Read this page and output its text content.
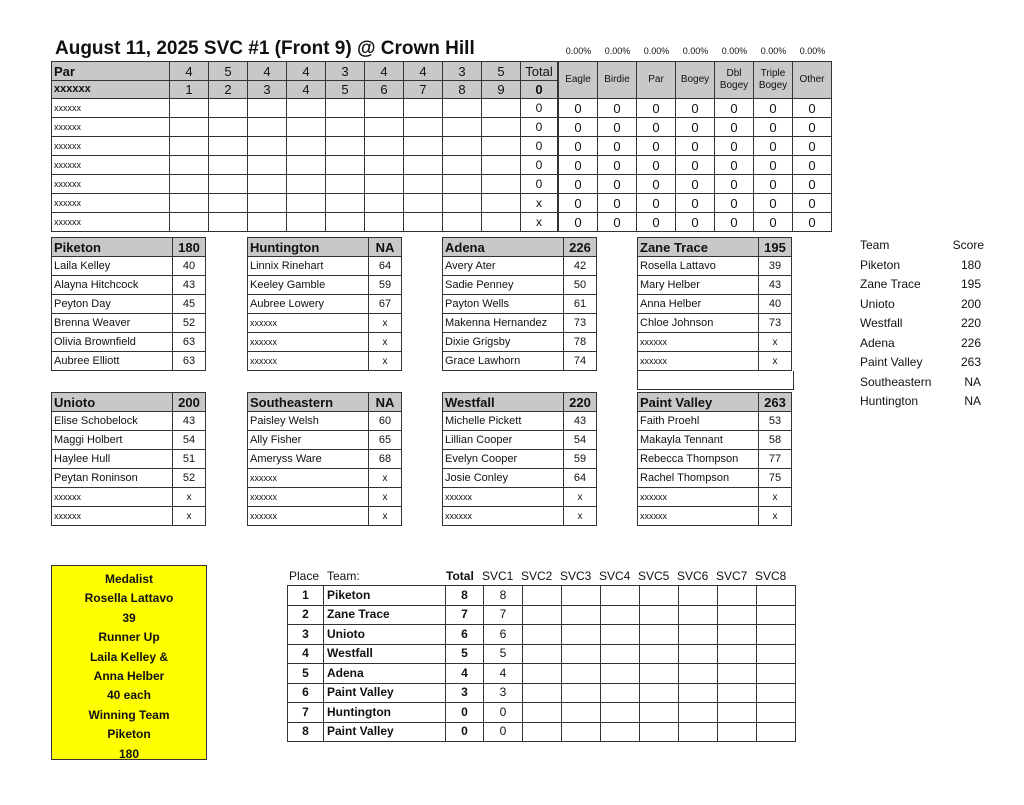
August 11, 2025 SVC #1 (Front 9) @ Crown Hill	0.00%	0.00%	0.00%	0.00%	0.00%	0.00%	0.00%
Par	4	5	4	4	3	4	4	3	5	Total
xxxxxx	1	2	3	4	5	6	7	8	9	0
xxxxxx										0
xxxxxx										0
xxxxxx										0
xxxxxx										0
xxxxxx										0
xxxxxx										x
xxxxxx										x
Eagle	Birdie	Par	Bogey	Dbl Bogey	Triple Bogey	Other
0	0	0	0	0	0	0
0	0	0	0	0	0	0
0	0	0	0	0	0	0
0	0	0	0	0	0	0
0	0	0	0	0	0	0
0	0	0	0	0	0	0
0	0	0	0	0	0	0
Piketon	180
Laila Kelley	40
Alayna Hitchcock	43
Peyton Day	45
Brenna Weaver	52
Olivia Brownfield	63
Aubree Elliott	63
Huntington	NA
Linnix Rinehart	64
Keeley Gamble	59
Aubree Lowery	67
xxxxxx	x
xxxxxx	x
xxxxxx	x
Adena	226
Avery Ater	42
Sadie Penney	50
Payton Wells	61
Makenna Hernandez	73
Dixie Grigsby	78
Grace Lawhorn	74
Zane Trace	195
Rosella Lattavo	39
Mary Helber	43
Anna Helber	40
Chloe Johnson	73
xxxxxx	x
xxxxxx	x
Unioto	200
Elise Schobelock	43
Maggi Holbert	54
Haylee Hull	51
Peytan Roninson	52
xxxxxx	x
xxxxxx	x
Southeastern	NA
Paisley Welsh	60
Ally Fisher	65
Ameryss Ware	68
xxxxxx	x
xxxxxx	x
xxxxxx	x
Westfall	220
Michelle Pickett	43
Lillian Cooper	54
Evelyn Cooper	59
Josie Conley	64
xxxxxx	x
xxxxxx	x
Paint Valley	263
Faith Proehl	53
Makayla Tennant	58
Rebecca Thompson	77
Rachel Thompson	75
xxxxxx	x
xxxxxx	x
Team	Score
Piketon	180
Zane Trace	195
Unioto	200
Westfall	220
Adena	226
Paint Valley	263
Southeastern	NA
Huntington	NA
Medalist
Rosella Lattavo
39
Runner Up
Laila Kelley &
Anna Helber
40 each
Winning Team
Piketon
180
Place Team:	Total SVC1 SVC2 SVC3 SVC4 SVC5 SVC6 SVC7 SVC8
1	Piketon	8	8							
2	Zane Trace	7	7							
3	Unioto	6	6							
4	Westfall	5	5							
5	Adena	4	4							
6	Paint Valley	3	3							
7	Huntington	0	0							
8	Paint Valley	0	0							
